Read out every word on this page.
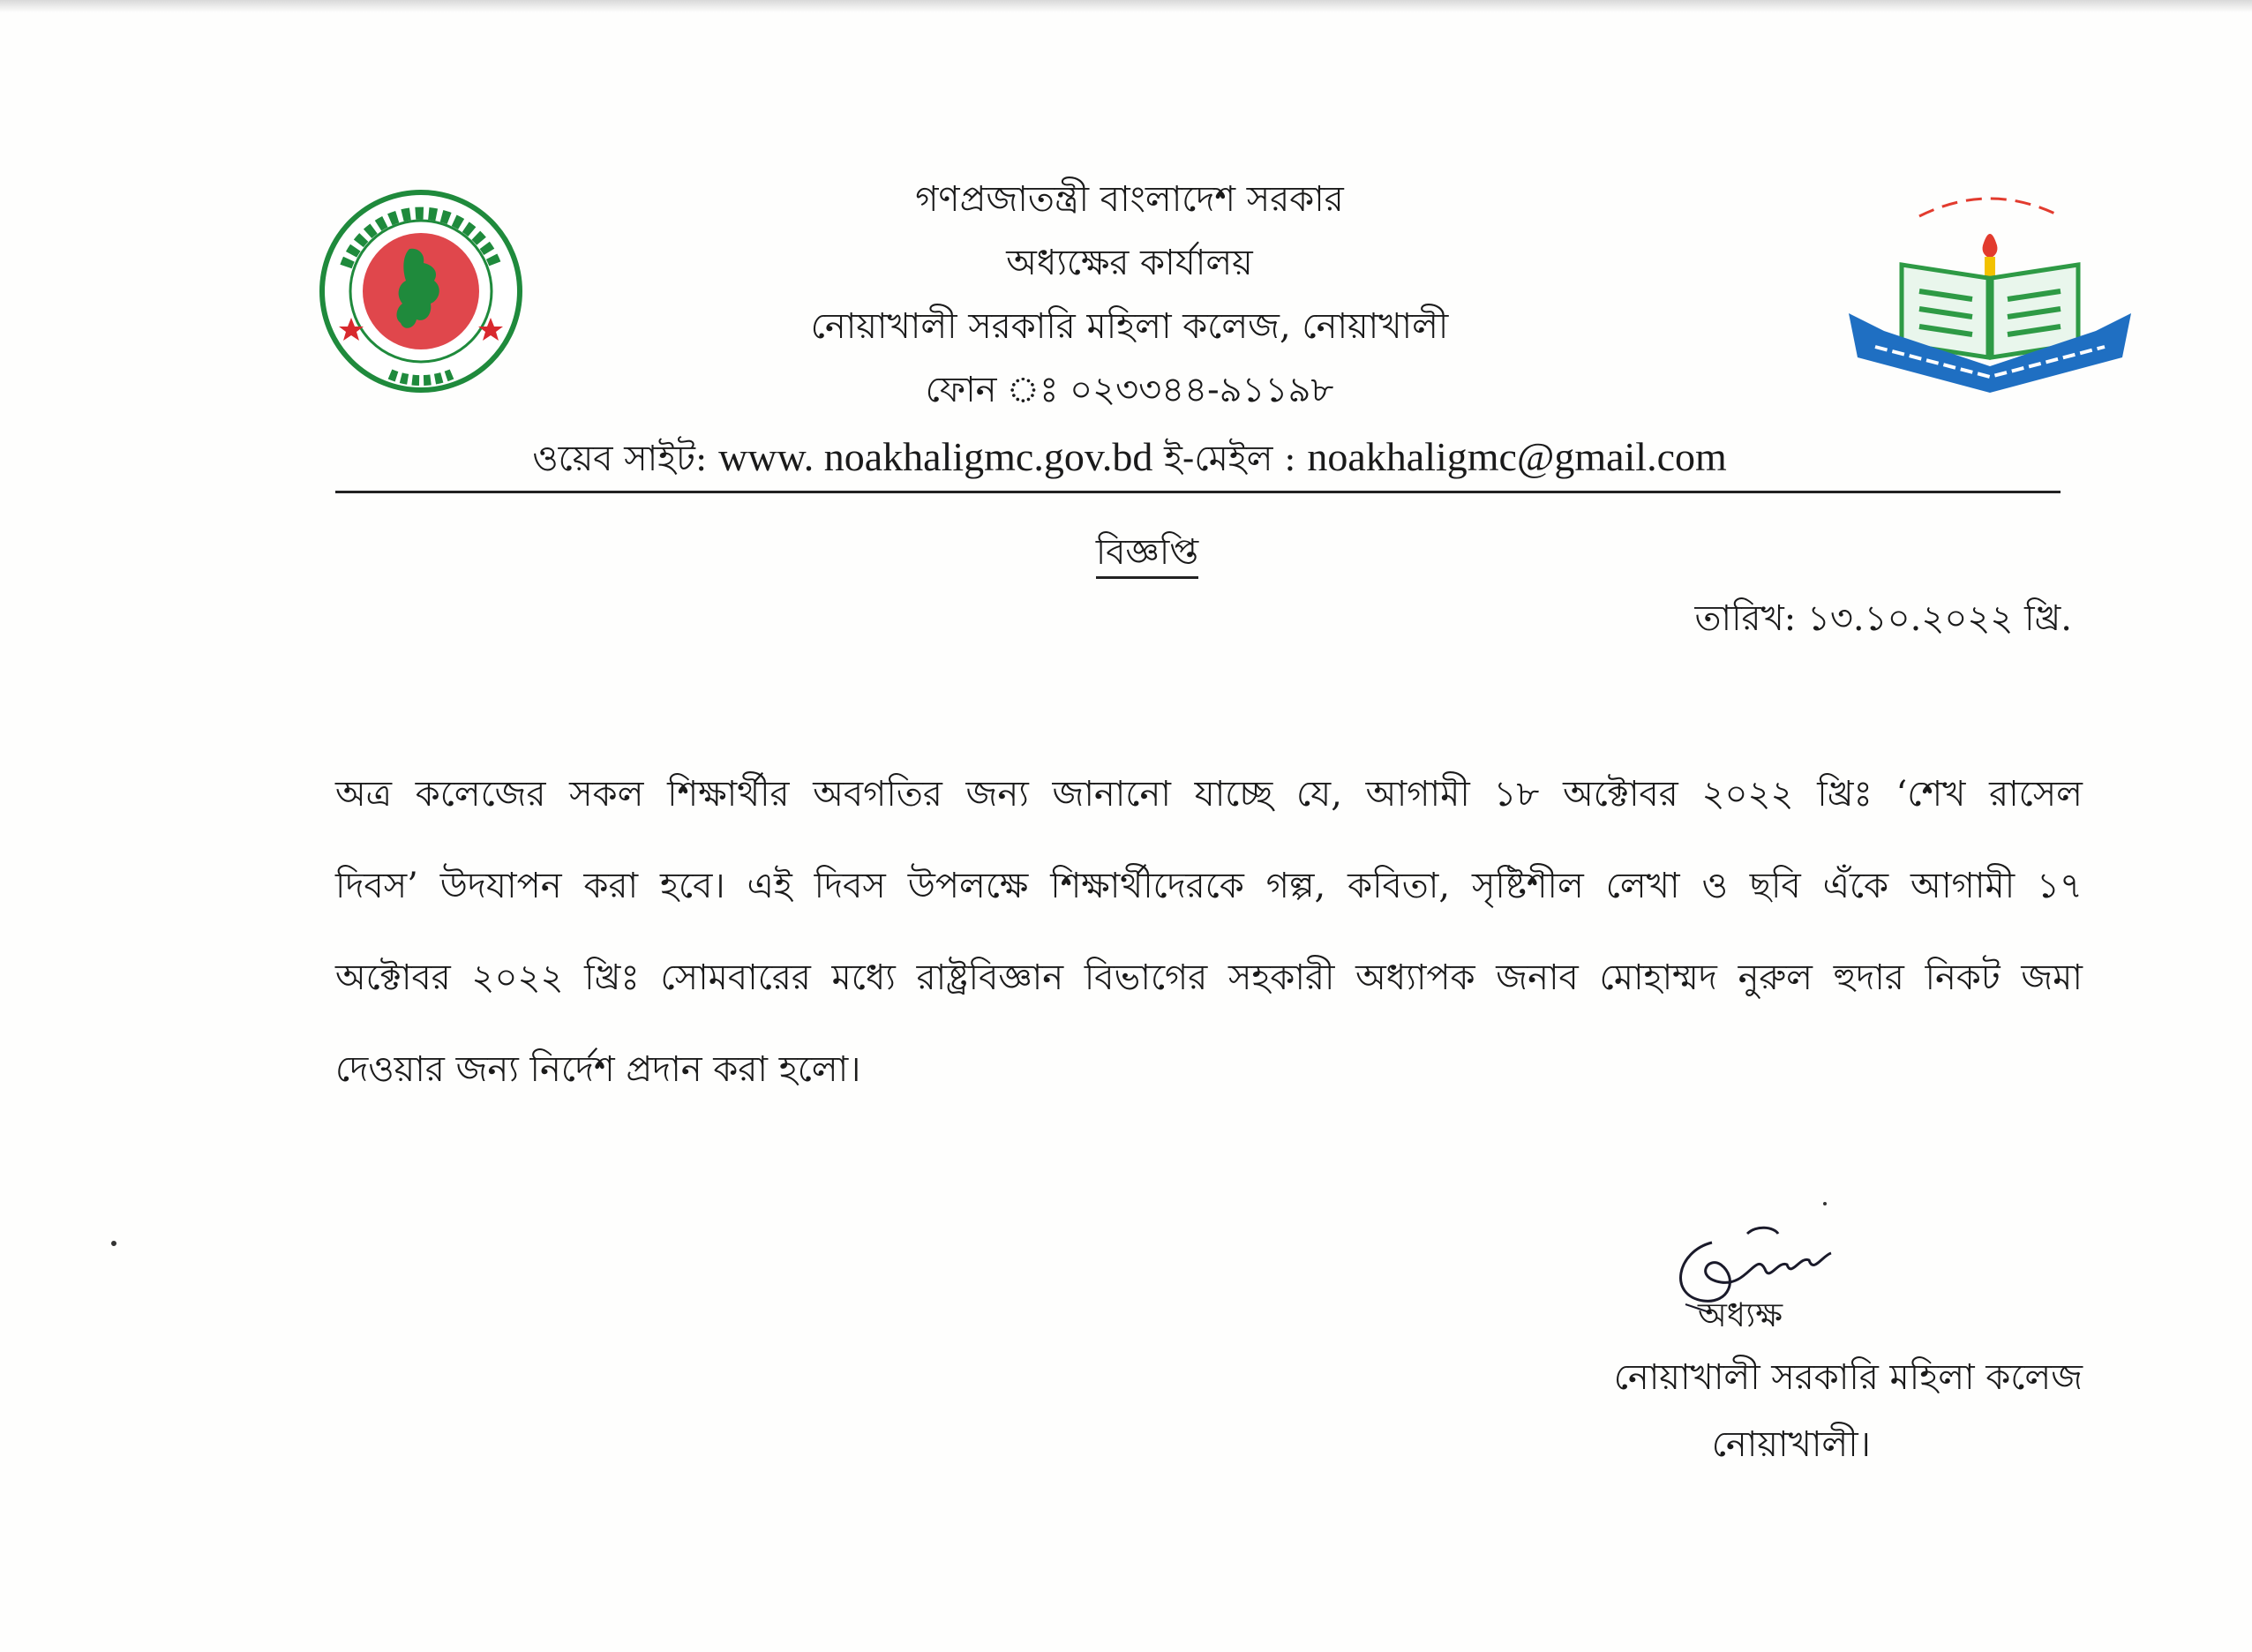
গণপ্রজাতন্ত্রী বাংলাদেশ সরকার
অধ্যক্ষের কার্যালয়
নোয়াখালী সরকারি মহিলা কলেজ, নোয়াখালী
ফোন ঃ ০২৩৩৪৪-৯১১৯৮
ওয়েব সাইট: www. noakhaligmc.gov.bd ই-মেইল : noakhaligmc@gmail.com
বিজ্ঞপ্তি
তারিখ: ১৩.১০.২০২২ খ্রি.
অত্র কলেজের সকল শিক্ষার্থীর অবগতির জন্য জানানো যাচ্ছে যে, আগামী ১৮ অক্টোবর ২০২২ খ্রিঃ ‘শেখ রাসেল
দিবস’ উদযাপন করা হবে। এই দিবস উপলক্ষে শিক্ষার্থীদেরকে গল্প, কবিতা, সৃষ্টিশীল লেখা ও ছবি এঁকে আগামী ১৭
অক্টোবর ২০২২ খ্রিঃ সোমবারের মধ্যে রাষ্ট্রবিজ্ঞান বিভাগের সহকারী অধ্যাপক জনাব মোহাম্মদ নুরুল হুদার নিকট জমা
দেওয়ার জন্য নির্দেশ প্রদান করা হলো।
অধ্যক্ষ
নোয়াখালী সরকারি মহিলা কলেজ
নোয়াখালী।
